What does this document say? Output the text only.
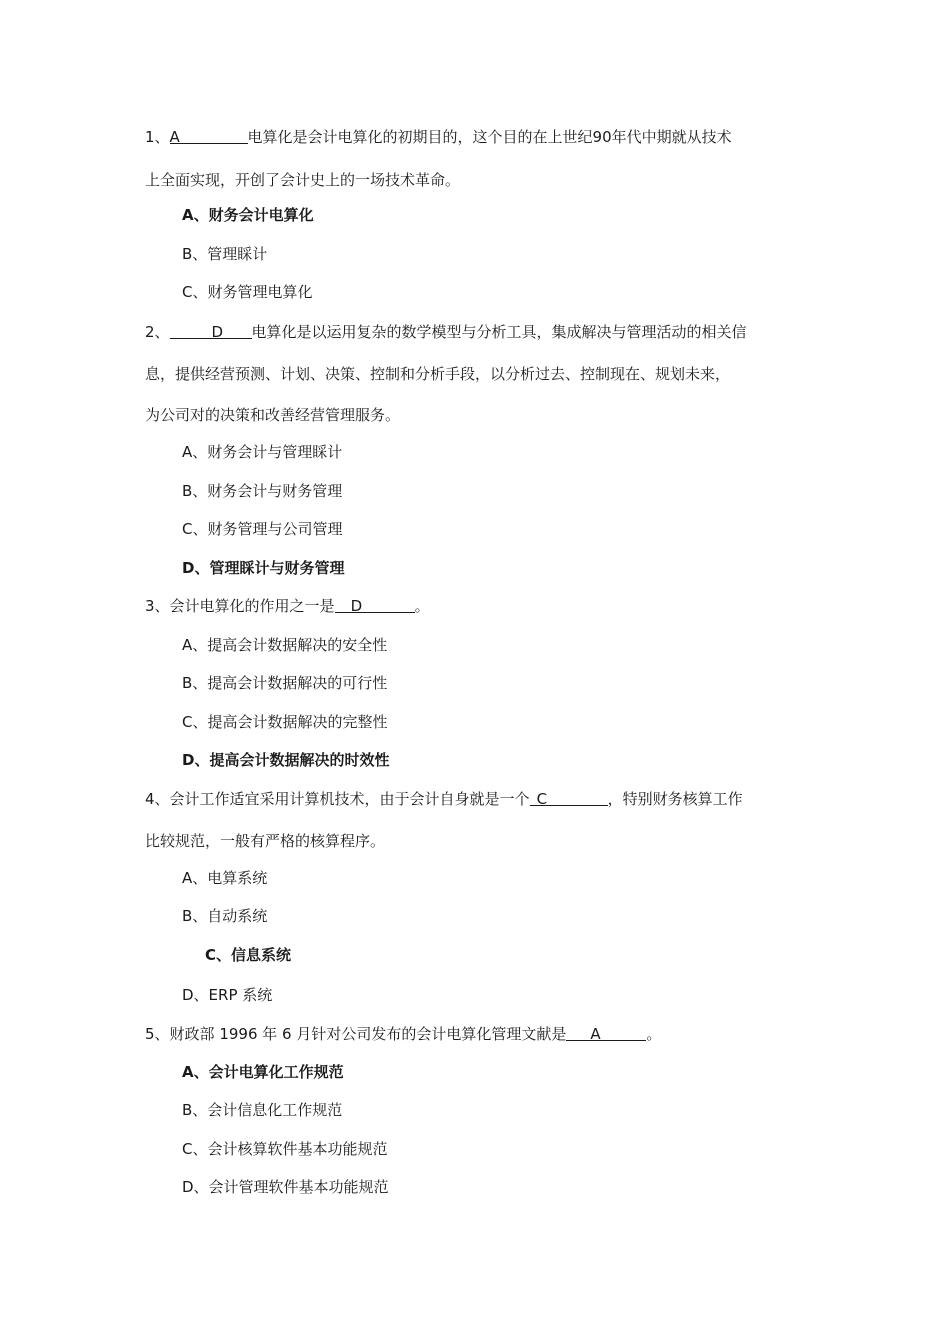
1、A	电算化是会计电算化的初期目的，这个目的在上世纪90年代中期就从技术
上全面实现，开创了会计史上的一场技术革命。
A、财务会计电算化
B、管理睬计
C、财务管理电算化
2、	D 电算化是以运用复杂的数学模型与分析工具，集成解决与管理活动的相关信
息，提供经营预测、计划、决策、控制和分析手段，以分析过去、控制现在、规划未来，
为公司对的决策和改善经营管理服务。
A、财务会计与管理睬计
B、财务会计与财务管理
C、财务管理与公司管理
D、管理睬计与财务管理
3、会计电算化的作用之一是 D	。
A、提高会计数据解决的安全性
B、提高会计数据解决的可行性
C、提高会计数据解决的完整性
D、提高会计数据解决的时效性
4、会计工作适宜采用计算机技术，由于会计自身就是一个 C	，特别财务核算工作
比较规范，一般有严格的核算程序。
A、电算系统
B、自动系统
C、信息系统
D、ERP 系统
5、财政部 1996 年 6 月针对公司发布的会计电算化管理文献是 A	。
A、会计电算化工作规范
B、会计信息化工作规范
C、会计核算软件基本功能规范
D、会计管理软件基本功能规范
